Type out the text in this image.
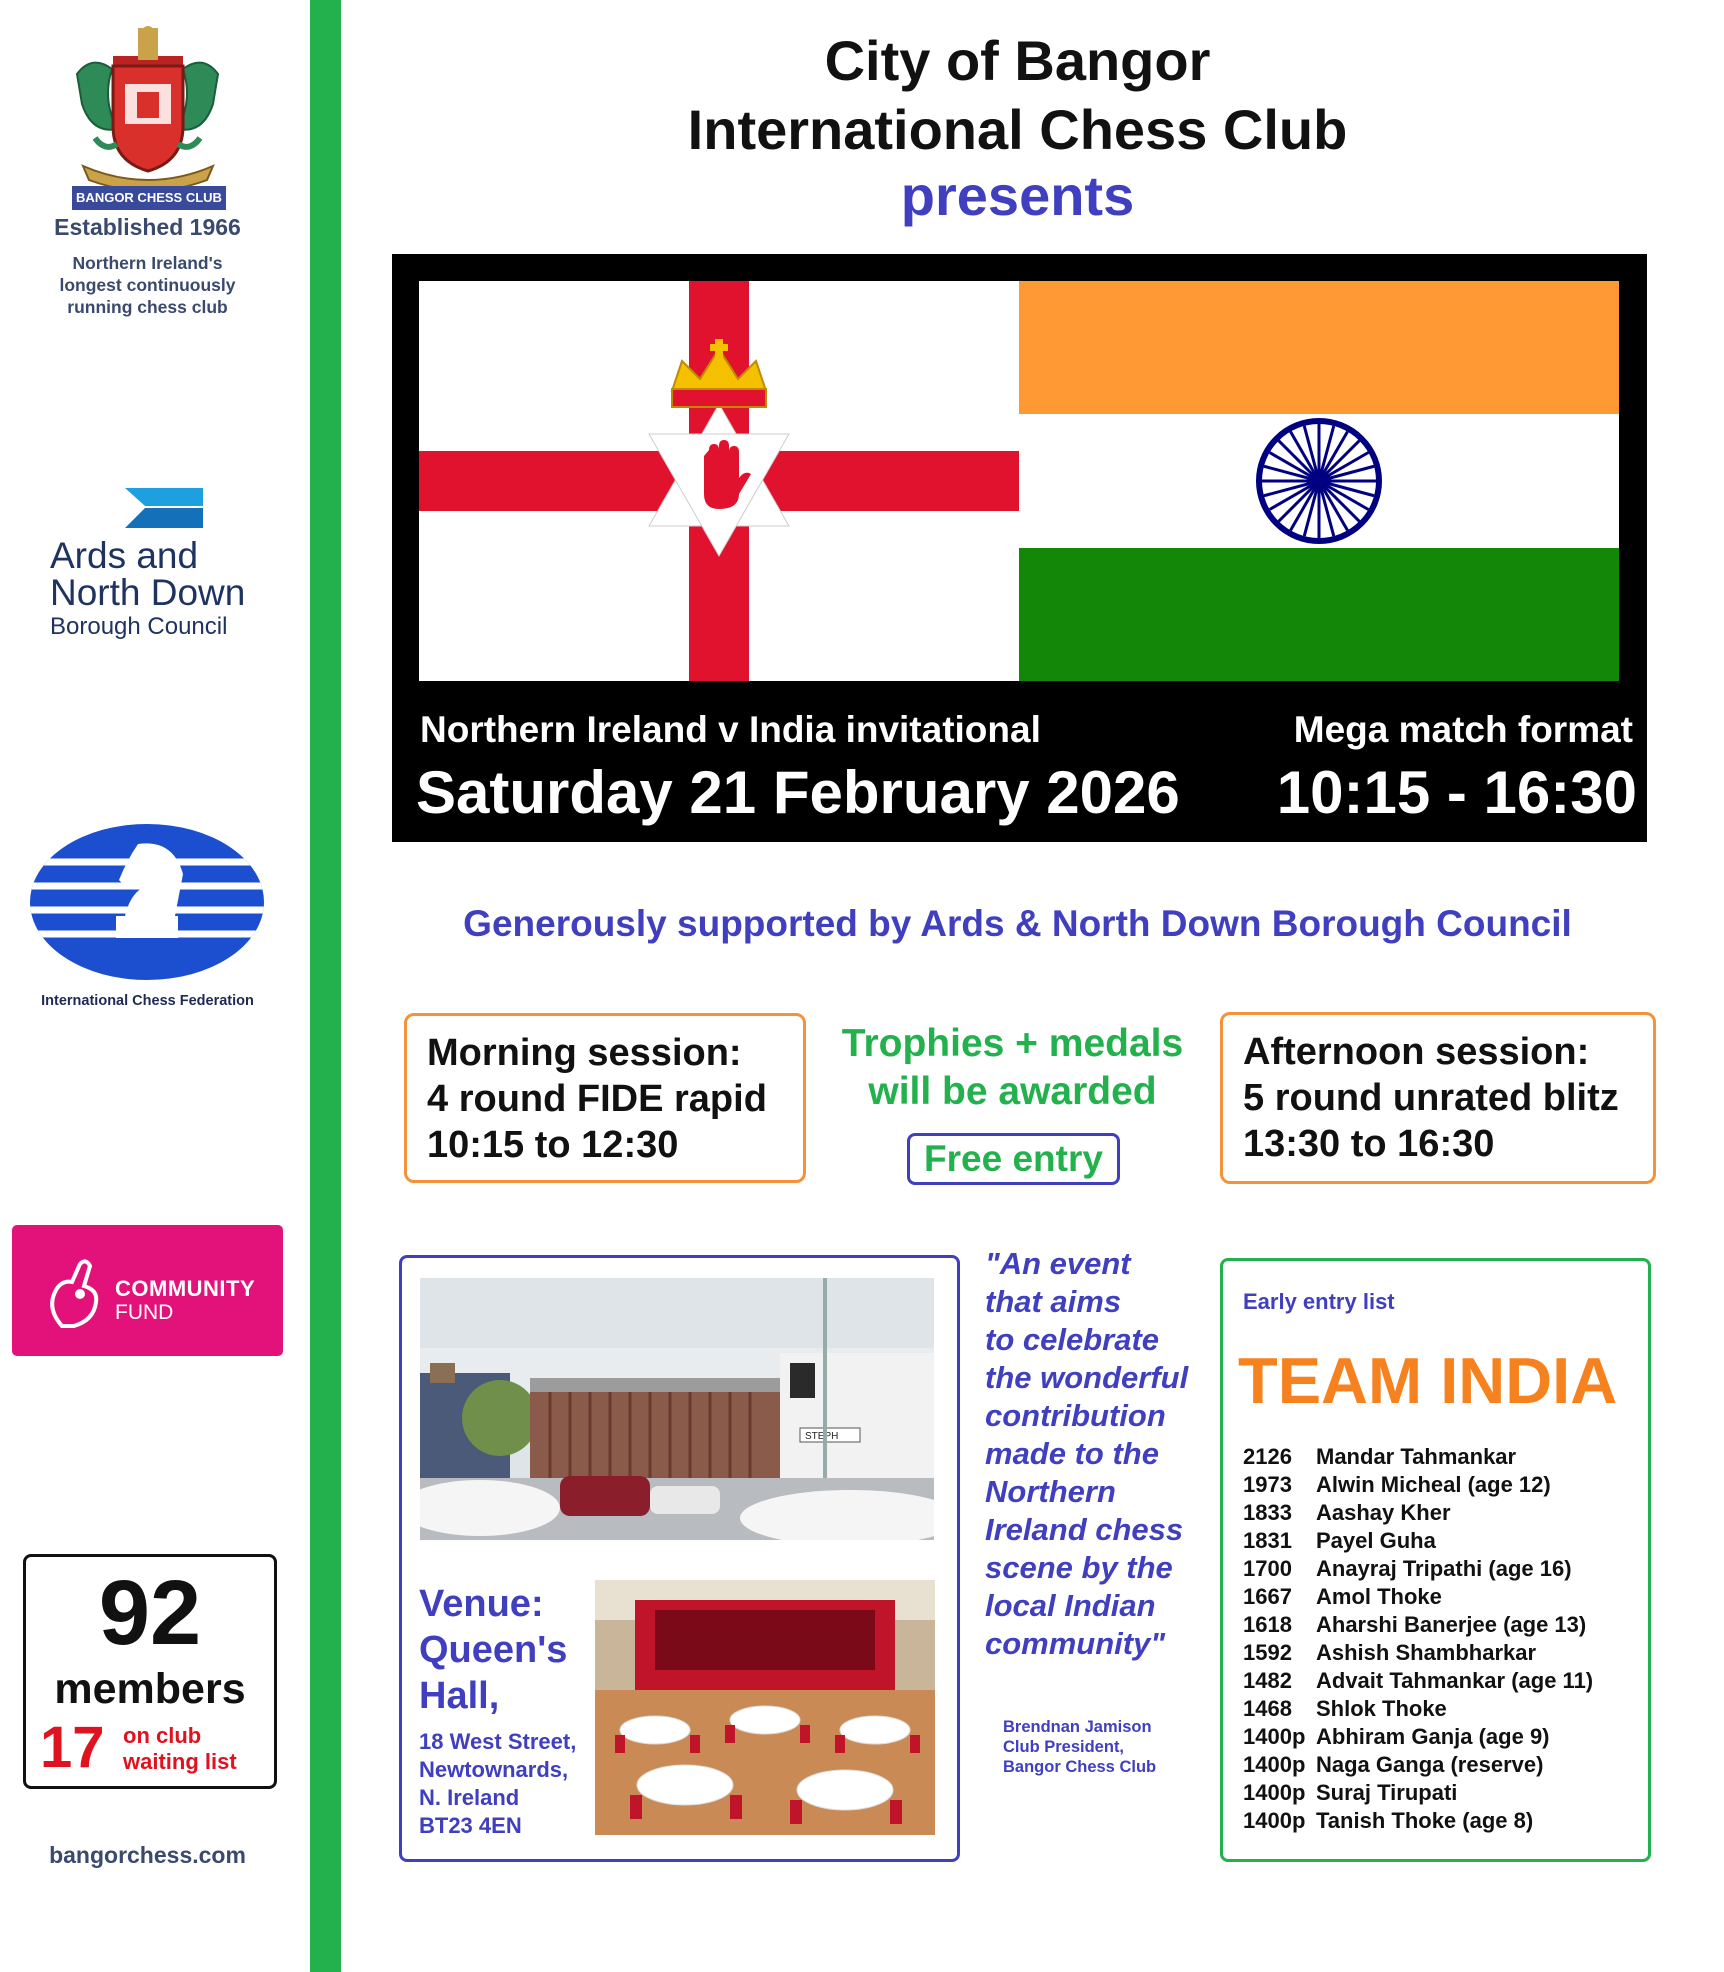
BANGOR CHESS CLUB
Established 1966
Northern Ireland's
longest continuously
running chess club
Ards and
North Down
Borough Council
FIDE
International Chess Federation
COMMUNITY
FUND
92
members
17 on club
waiting list
bangorchess.com
City of Bangor
International Chess Club
presents
Northern Ireland v India invitational
Saturday 21 February 2026
Mega match format
10:15 - 16:30
Generously supported by Ards & North Down Borough Council
Morning session:
4 round FIDE rapid
10:15 to 12:30
Trophies + medals
will be awarded
Free entry
Afternoon session:
5 round unrated blitz
13:30 to 16:30
STEPH
Venue:
Queen's
Hall,
18 West Street,
Newtownards,
N. Ireland
BT23 4EN
"An event
that aims
to celebrate
the wonderful
contribution
made to the
Northern
Ireland chess
scene by the
local Indian
community"
Brendnan Jamison
Club President,
Bangor Chess Club
Early entry list
TEAM INDIA
2126 Mandar Tahmankar
1973 Alwin Micheal (age 12)
1833 Aashay Kher
1831 Payel Guha
1700 Anayraj Tripathi (age 16)
1667 Amol Thoke
1618 Aharshi Banerjee (age 13)
1592 Ashish Shambharkar
1482 Advait Tahmankar (age 11)
1468 Shlok Thoke
1400p Abhiram Ganja (age 9)
1400p Naga Ganga (reserve)
1400p Suraj Tirupati
1400p Tanish Thoke (age 8)
